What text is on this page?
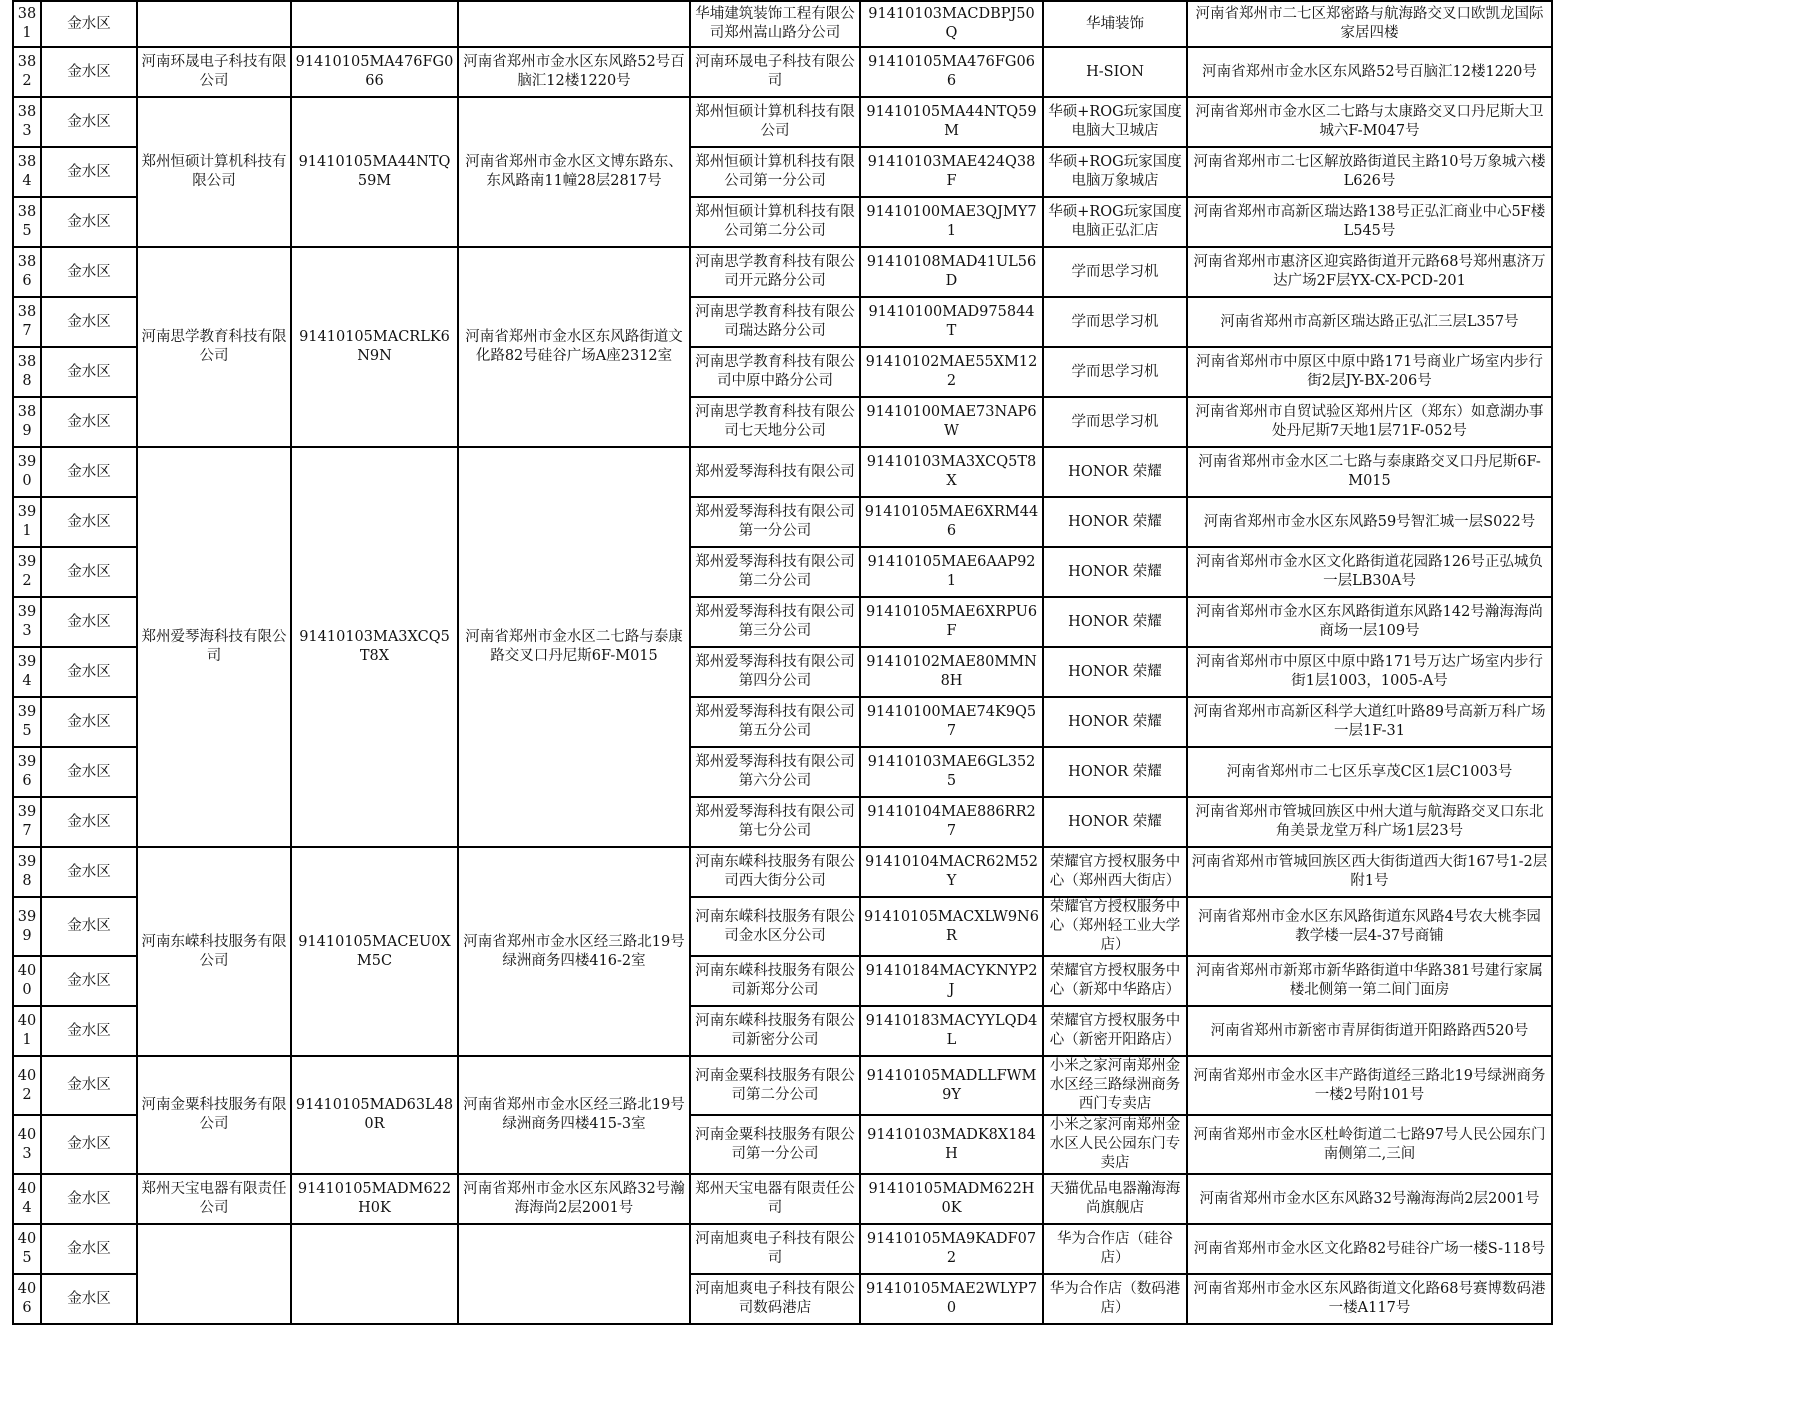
381	金水区				华埔建筑装饰工程有限公司郑州嵩山路分公司	91410103MACDBPJ50Q	华埔装饰	河南省郑州市二七区郑密路与航海路交叉口欧凯龙国际家居四楼
382	金水区	河南环晟电子科技有限公司	91410105MA476FG066	河南省郑州市金水区东风路52号百脑汇12楼1220号	河南环晟电子科技有限公司	91410105MA476FG066	H-SION	河南省郑州市金水区东风路52号百脑汇12楼1220号
383	金水区	郑州恒硕计算机科技有限公司	91410105MA44NTQ59M	河南省郑州市金水区文博东路东、东风路南11幢28层2817号	郑州恒硕计算机科技有限公司	91410105MA44NTQ59M	华硕+ROG玩家国度电脑大卫城店	河南省郑州市金水区二七路与太康路交叉口丹尼斯大卫城六F-M047号
384	金水区				郑州恒硕计算机科技有限公司第一分公司	91410103MAE424Q38F	华硕+ROG玩家国度电脑万象城店	河南省郑州市二七区解放路街道民主路10号万象城六楼L626号
385	金水区				郑州恒硕计算机科技有限公司第二分公司	91410100MAE3QJMY71	华硕+ROG玩家国度电脑正弘汇店	河南省郑州市高新区瑞达路138号正弘汇商业中心5F楼L545号
386	金水区	河南思学教育科技有限公司	91410105MACRLK6N9N	河南省郑州市金水区东风路街道文化路82号硅谷广场A座2312室	河南思学教育科技有限公司开元路分公司	91410108MAD41UL56D	学而思学习机	河南省郑州市惠济区迎宾路街道开元路68号郑州惠济万达广场2F层YX-CX-PCD-201
387	金水区				河南思学教育科技有限公司瑞达路分公司	91410100MAD975844T	学而思学习机	河南省郑州市高新区瑞达路正弘汇三层L357号
388	金水区				河南思学教育科技有限公司中原中路分公司	91410102MAE55XM122	学而思学习机	河南省郑州市中原区中原中路171号商业广场室内步行街2层JY-BX-206号
389	金水区				河南思学教育科技有限公司七天地分公司	91410100MAE73NAP6W	学而思学习机	河南省郑州市自贸试验区郑州片区（郑东）如意湖办事处丹尼斯7天地1层71F-052号
390	金水区	郑州爱琴海科技有限公司	91410103MA3XCQ5T8X	河南省郑州市金水区二七路与泰康路交叉口丹尼斯6F-M015	郑州爱琴海科技有限公司	91410103MA3XCQ5T8X	HONOR 荣耀	河南省郑州市金水区二七路与泰康路交叉口丹尼斯6F-M015
391	金水区				郑州爱琴海科技有限公司第一分公司	91410105MAE6XRM446	HONOR 荣耀	河南省郑州市金水区东风路59号智汇城一层S022号
392	金水区				郑州爱琴海科技有限公司第二分公司	91410105MAE6AAP921	HONOR 荣耀	河南省郑州市金水区文化路街道花园路126号正弘城负一层LB30A号
393	金水区				郑州爱琴海科技有限公司第三分公司	91410105MAE6XRPU6F	HONOR 荣耀	河南省郑州市金水区东风路街道东风路142号瀚海海尚商场一层109号
394	金水区				郑州爱琴海科技有限公司第四分公司	91410102MAE80MMN8H	HONOR 荣耀	河南省郑州市中原区中原中路171号万达广场室内步行街1层1003，1005-A号
395	金水区				郑州爱琴海科技有限公司第五分公司	91410100MAE74K9Q57	HONOR 荣耀	河南省郑州市高新区科学大道红叶路89号高新万科广场一层1F-31
396	金水区				郑州爱琴海科技有限公司第六分公司	91410103MAE6GL3525	HONOR 荣耀	河南省郑州市二七区乐享茂C区1层C1003号
397	金水区				郑州爱琴海科技有限公司第七分公司	91410104MAE886RR27	HONOR 荣耀	河南省郑州市管城回族区中州大道与航海路交叉口东北角美景龙堂万科广场1层23号
398	金水区	河南东嵘科技服务有限公司	91410105MACEU0XM5C	河南省郑州市金水区经三路北19号绿洲商务四楼416-2室	河南东嵘科技服务有限公司西大街分公司	91410104MACR62M52Y	荣耀官方授权服务中心（郑州西大街店）	河南省郑州市管城回族区西大街街道西大街167号1-2层附1号
399	金水区				河南东嵘科技服务有限公司金水区分公司	91410105MACXLW9N6R	荣耀官方授权服务中心（郑州轻工业大学店）	河南省郑州市金水区东风路街道东风路4号农大桃李园教学楼一层4-37号商铺
400	金水区				河南东嵘科技服务有限公司新郑分公司	91410184MACYKNYP2J	荣耀官方授权服务中心（新郑中华路店）	河南省郑州市新郑市新华路街道中华路381号建行家属楼北侧第一第二间门面房
401	金水区				河南东嵘科技服务有限公司新密分公司	91410183MACYYLQD4L	荣耀官方授权服务中心（新密开阳路店）	河南省郑州市新密市青屏街街道开阳路路西520号
402	金水区	河南金粟科技服务有限公司	91410105MAD63L480R	河南省郑州市金水区经三路北19号绿洲商务四楼415-3室	河南金粟科技服务有限公司第二分公司	91410105MADLLFWM9Y	小米之家河南郑州金水区经三路绿洲商务西门专卖店	河南省郑州市金水区丰产路街道经三路北19号绿洲商务一楼2号附101号
403	金水区				河南金粟科技服务有限公司第一分公司	91410103MADK8X184H	小米之家河南郑州金水区人民公园东门专卖店	河南省郑州市金水区杜岭街道二七路97号人民公园东门南侧第二,三间
404	金水区	郑州天宝电器有限责任公司	91410105MADM622H0K	河南省郑州市金水区东风路32号瀚海海尚2层2001号	郑州天宝电器有限责任公司	91410105MADM622H0K	天猫优品电器瀚海海尚旗舰店	河南省郑州市金水区东风路32号瀚海海尚2层2001号
405	金水区				河南旭爽电子科技有限公司	91410105MA9KADF072	华为合作店（硅谷店）	河南省郑州市金水区文化路82号硅谷广场一楼S-118号
406	金水区				河南旭爽电子科技有限公司数码港店	91410105MAE2WLYP70	华为合作店（数码港店）	河南省郑州市金水区东风路街道文化路68号赛博数码港一楼A117号
